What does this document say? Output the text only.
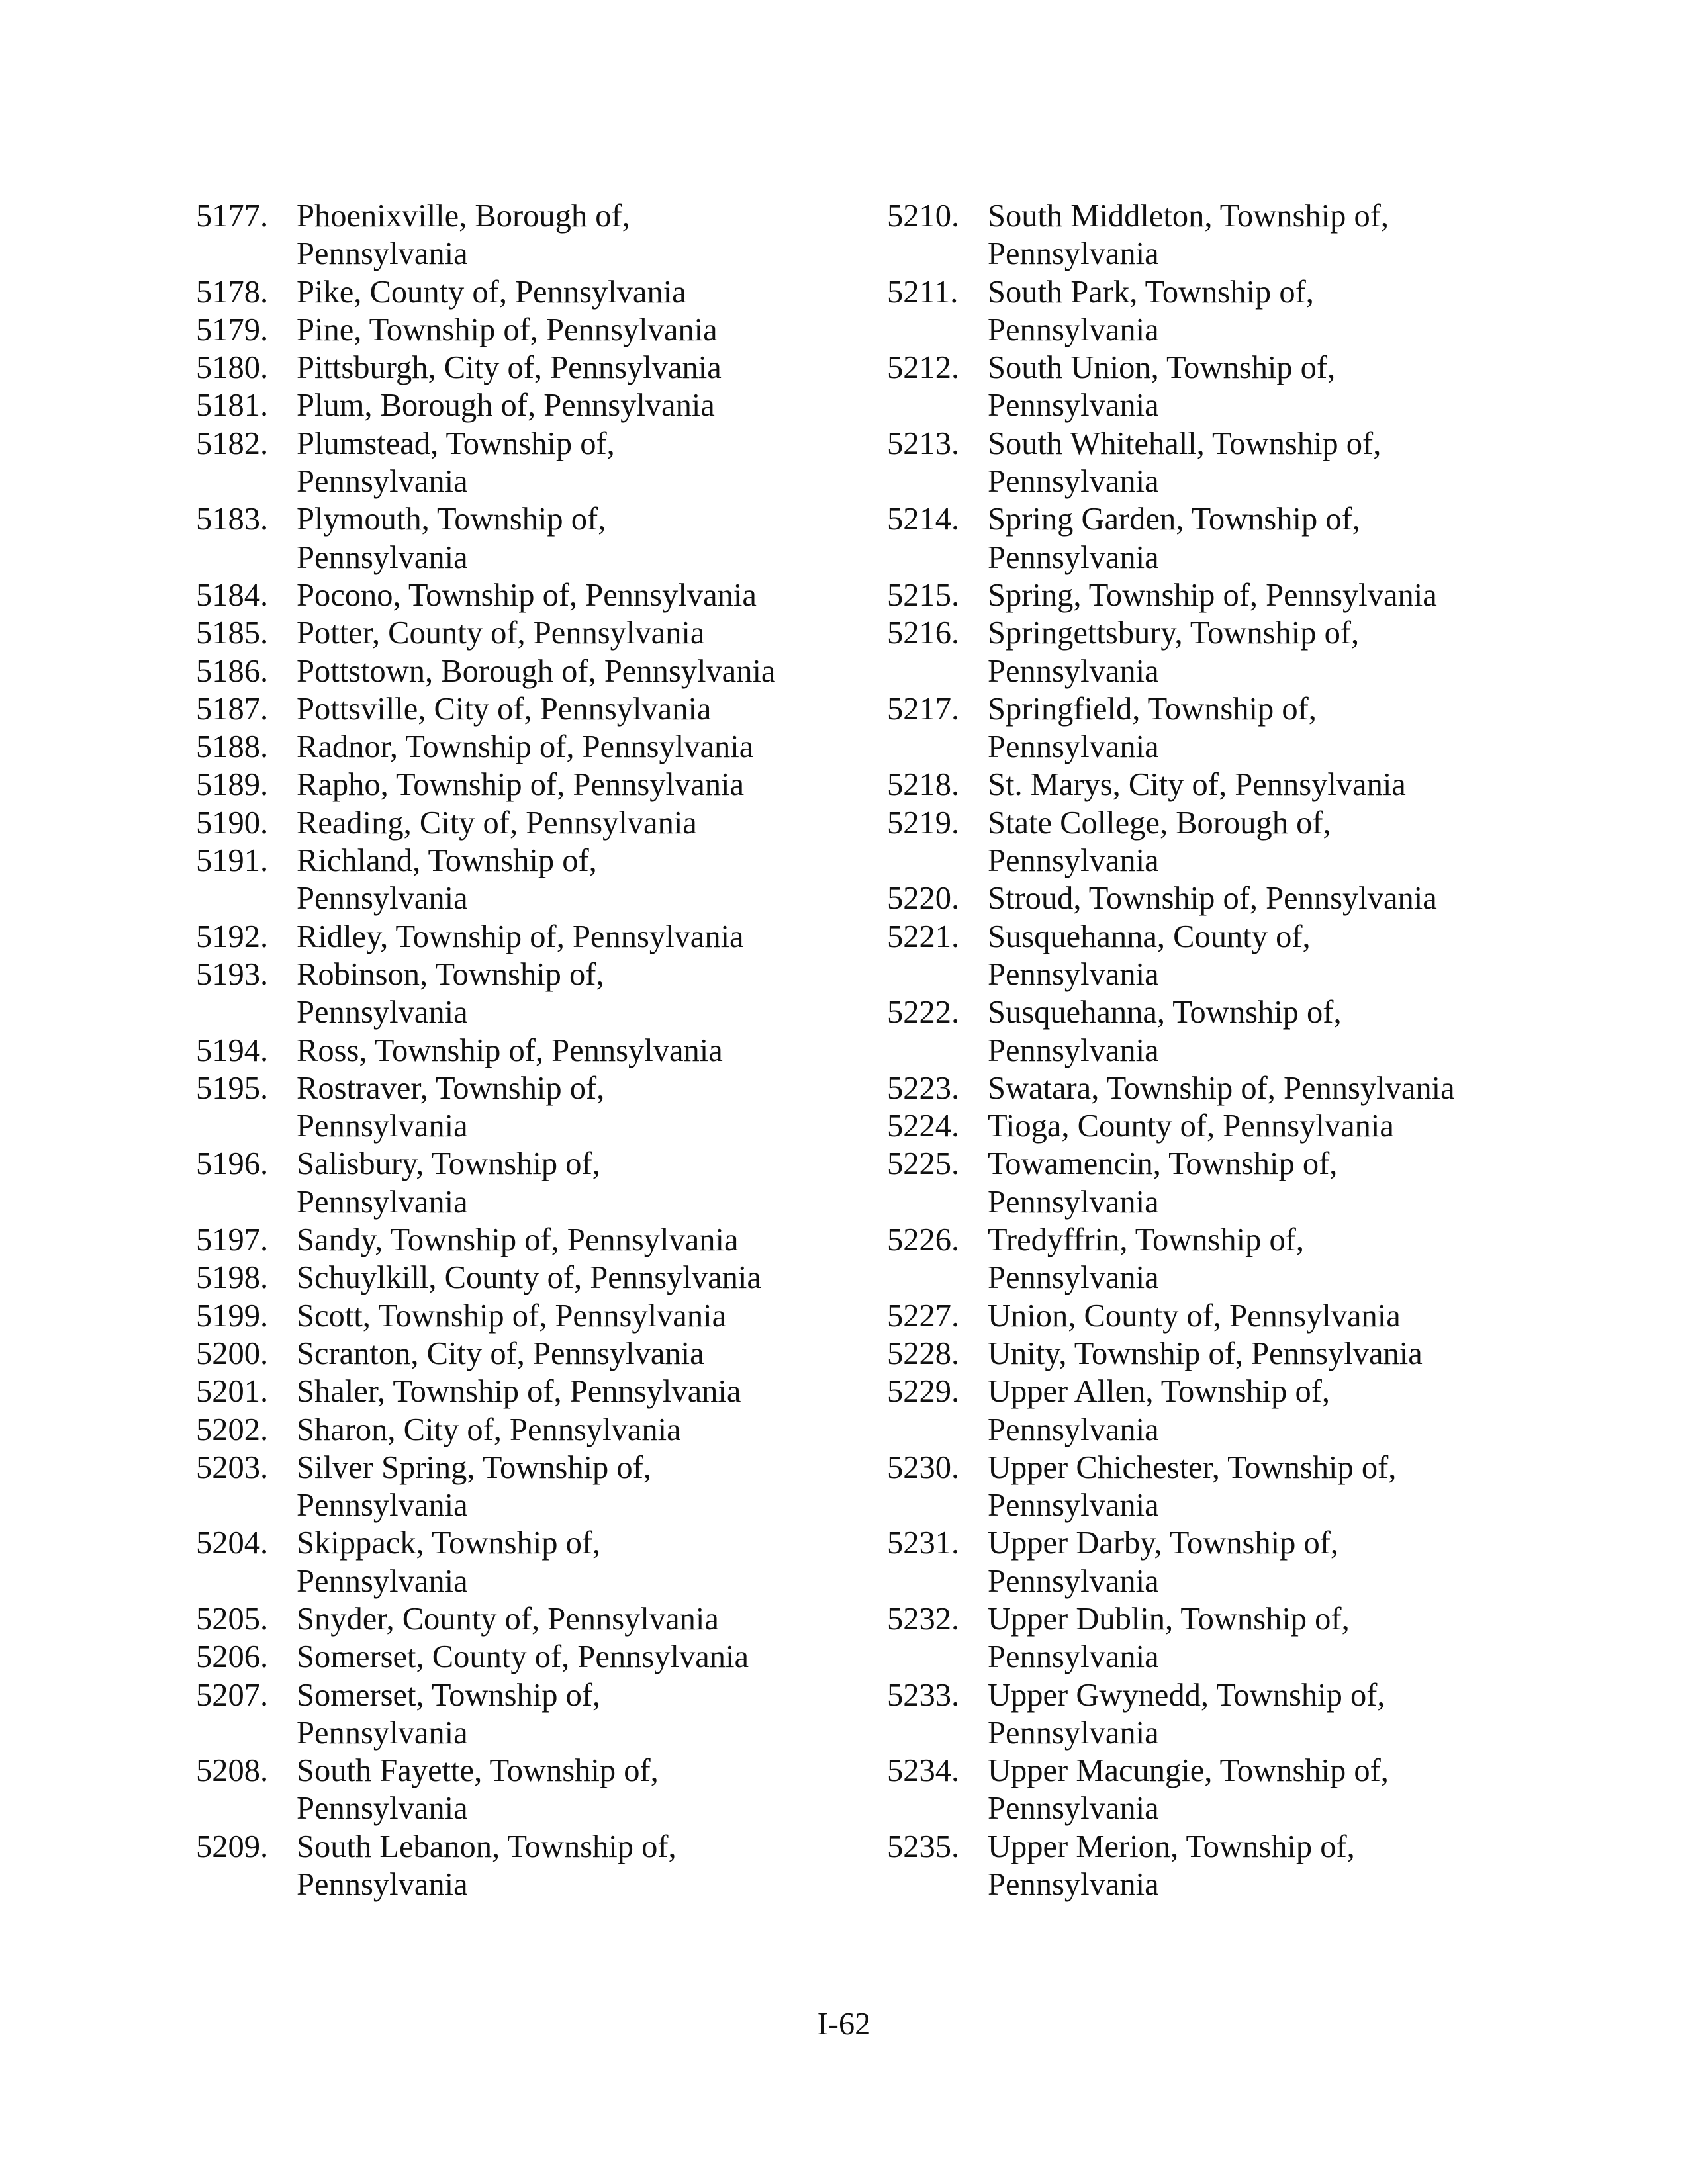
5177. Phoenixville, Borough of,
Pennsylvania
5178. Pike, County of, Pennsylvania
5179. Pine, Township of, Pennsylvania
5180. Pittsburgh, City of, Pennsylvania
5181. Plum, Borough of, Pennsylvania
5182. Plumstead, Township of,
Pennsylvania
5183. Plymouth, Township of,
Pennsylvania
5184. Pocono, Township of, Pennsylvania
5185. Potter, County of, Pennsylvania
5186. Pottstown, Borough of, Pennsylvania
5187. Pottsville, City of, Pennsylvania
5188. Radnor, Township of, Pennsylvania
5189. Rapho, Township of, Pennsylvania
5190. Reading, City of, Pennsylvania
5191. Richland, Township of,
Pennsylvania
5192. Ridley, Township of, Pennsylvania
5193. Robinson, Township of,
Pennsylvania
5194. Ross, Township of, Pennsylvania
5195. Rostraver, Township of,
Pennsylvania
5196. Salisbury, Township of,
Pennsylvania
5197. Sandy, Township of, Pennsylvania
5198. Schuylkill, County of, Pennsylvania
5199. Scott, Township of, Pennsylvania
5200. Scranton, City of, Pennsylvania
5201. Shaler, Township of, Pennsylvania
5202. Sharon, City of, Pennsylvania
5203. Silver Spring, Township of,
Pennsylvania
5204. Skippack, Township of,
Pennsylvania
5205. Snyder, County of, Pennsylvania
5206. Somerset, County of, Pennsylvania
5207. Somerset, Township of,
Pennsylvania
5208. South Fayette, Township of,
Pennsylvania
5209. South Lebanon, Township of,
Pennsylvania
5210. South Middleton, Township of,
Pennsylvania
5211. South Park, Township of,
Pennsylvania
5212. South Union, Township of,
Pennsylvania
5213. South Whitehall, Township of,
Pennsylvania
5214. Spring Garden, Township of,
Pennsylvania
5215. Spring, Township of, Pennsylvania
5216. Springettsbury, Township of,
Pennsylvania
5217. Springfield, Township of,
Pennsylvania
5218. St. Marys, City of, Pennsylvania
5219. State College, Borough of,
Pennsylvania
5220. Stroud, Township of, Pennsylvania
5221. Susquehanna, County of,
Pennsylvania
5222. Susquehanna, Township of,
Pennsylvania
5223. Swatara, Township of, Pennsylvania
5224. Tioga, County of, Pennsylvania
5225. Towamencin, Township of,
Pennsylvania
5226. Tredyffrin, Township of,
Pennsylvania
5227. Union, County of, Pennsylvania
5228. Unity, Township of, Pennsylvania
5229. Upper Allen, Township of,
Pennsylvania
5230. Upper Chichester, Township of,
Pennsylvania
5231. Upper Darby, Township of,
Pennsylvania
5232. Upper Dublin, Township of,
Pennsylvania
5233. Upper Gwynedd, Township of,
Pennsylvania
5234. Upper Macungie, Township of,
Pennsylvania
5235. Upper Merion, Township of,
Pennsylvania
I-62
